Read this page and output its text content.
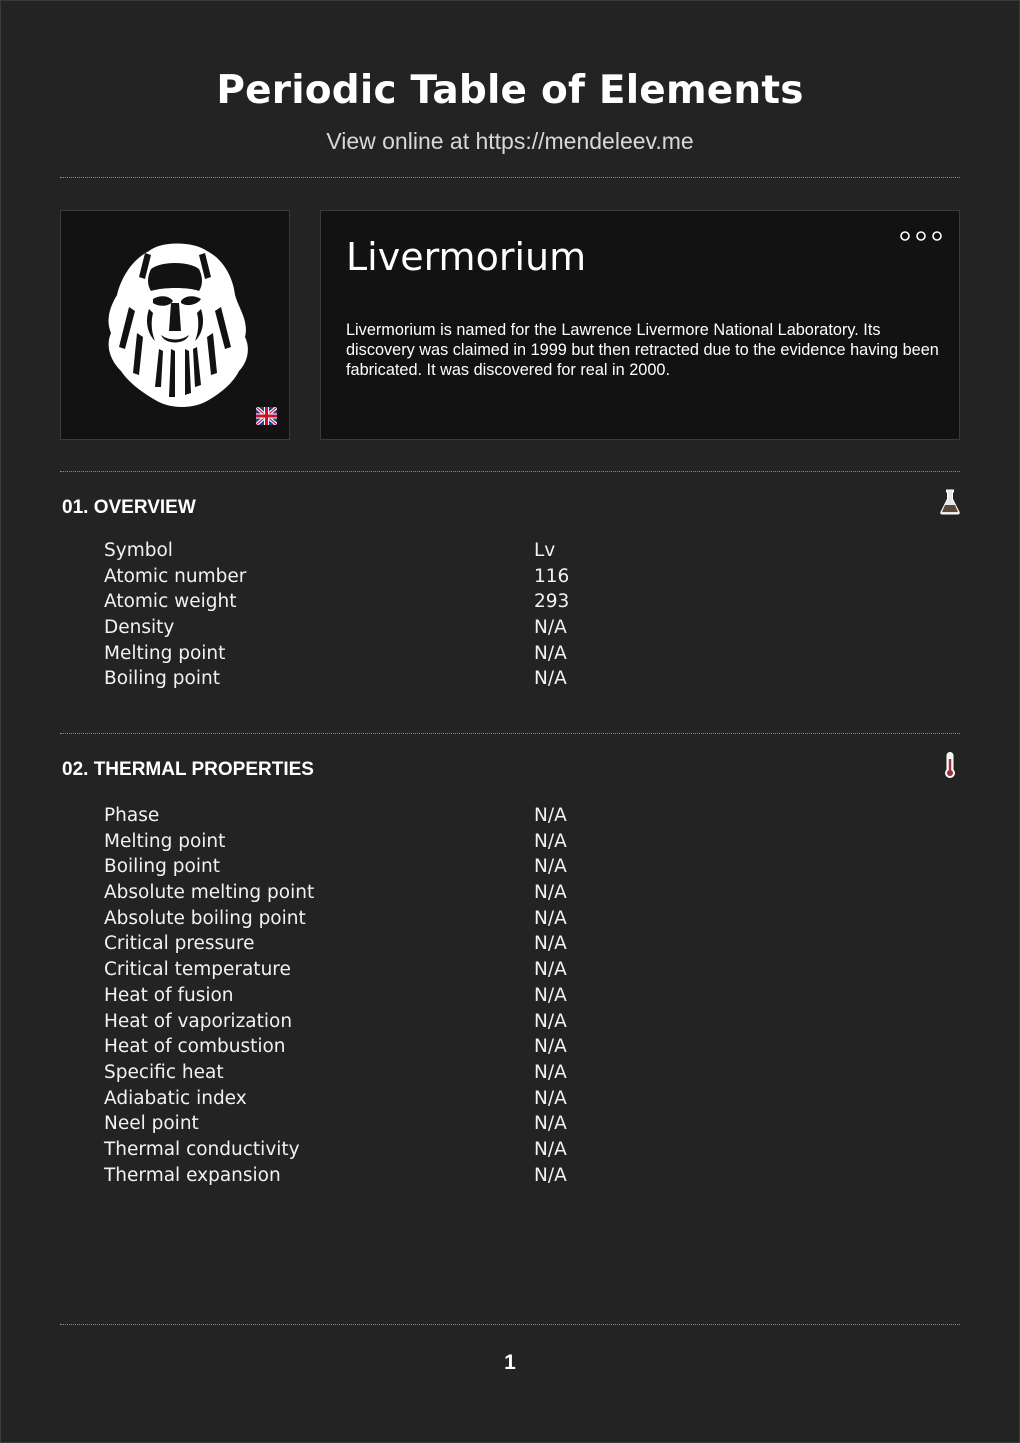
Periodic Table of Elements
View online at https://mendeleev.me
Livermorium
Livermorium is named for the Lawrence Livermore National Laboratory. Its discovery was claimed in 1999 but then retracted due to the evidence having been fabricated. It was discovered for real in 2000.
01. OVERVIEW
Symbol	Lv
Atomic number	116
Atomic weight	293
Density	N/A
Melting point	N/A
Boiling point	N/A
02. THERMAL PROPERTIES
Phase	N/A
Melting point	N/A
Boiling point	N/A
Absolute melting point	N/A
Absolute boiling point	N/A
Critical pressure	N/A
Critical temperature	N/A
Heat of fusion	N/A
Heat of vaporization	N/A
Heat of combustion	N/A
Specific heat	N/A
Adiabatic index	N/A
Neel point	N/A
Thermal conductivity	N/A
Thermal expansion	N/A
1
